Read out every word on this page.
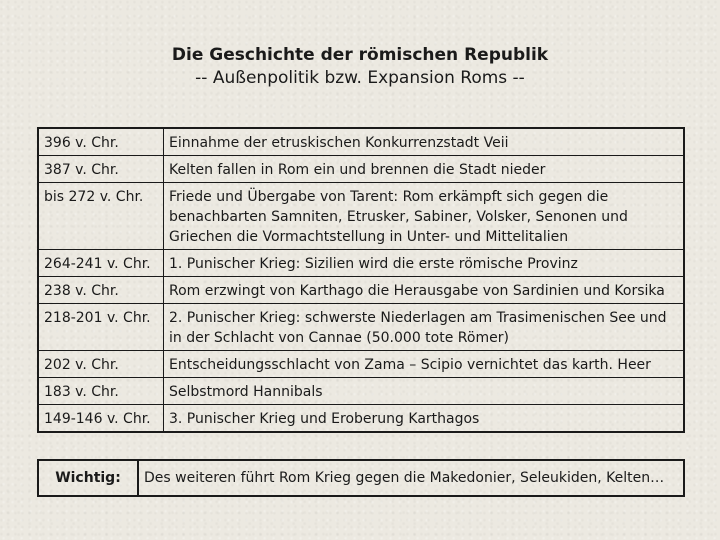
Die Geschichte der römischen Republik
-- Außenpolitik bzw. Expansion Roms --
396 v. Chr.	Einnahme der etruskischen Konkurrenzstadt Veii
387 v. Chr.	Kelten fallen in Rom ein und brennen die Stadt nieder
bis 272 v. Chr.	Friede und Übergabe von Tarent: Rom erkämpft sich gegen die benachbarten Samniten, Etrusker, Sabiner, Volsker, Senonen und Griechen die Vormachtstellung in Unter- und Mittelitalien
264-241 v. Chr.	1. Punischer Krieg: Sizilien wird die erste römische Provinz
238 v. Chr.	Rom erzwingt von Karthago die Herausgabe von Sardinien und Korsika
218-201 v. Chr.	2. Punischer Krieg: schwerste Niederlagen am Trasimenischen See und in der Schlacht von Cannae (50.000 tote Römer)
202 v. Chr.	Entscheidungsschlacht von Zama – Scipio vernichtet das karth. Heer
183 v. Chr.	Selbstmord Hannibals
149-146 v. Chr.	3. Punischer Krieg und Eroberung Karthagos
Wichtig:	Des weiteren führt Rom Krieg gegen die Makedonier, Seleukiden, Kelten…
